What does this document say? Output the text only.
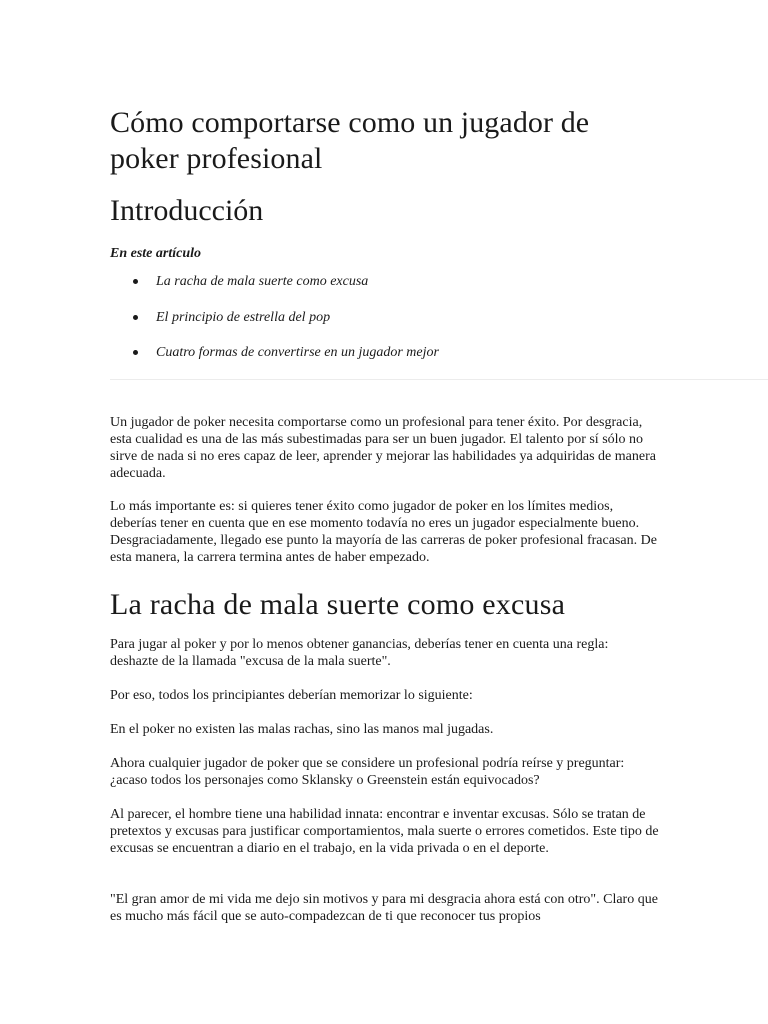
Cómo comportarse como un jugador de poker profesional
Introducción
En este artículo
La racha de mala suerte como excusa
El principio de estrella del pop
Cuatro formas de convertirse en un jugador mejor

Un jugador de poker necesita comportarse como un profesional para tener éxito. Por desgracia, esta cualidad es una de las más subestimadas para ser un buen jugador. El talento por sí sólo no sirve de nada si no eres capaz de leer, aprender y mejorar las habilidades ya adquiridas de manera adecuada.

Lo más importante es: si quieres tener éxito como jugador de poker en los límites medios, deberías tener en cuenta que en ese momento todavía no eres un jugador especialmente bueno. Desgraciadamente, llegado ese punto la mayoría de las carreras de poker profesional fracasan. De esta manera, la carrera termina antes de haber empezado.

La racha de mala suerte como excusa

Para jugar al poker y por lo menos obtener ganancias, deberías tener en cuenta una regla: deshazte de la llamada "excusa de la mala suerte".

Por eso, todos los principiantes deberían memorizar lo siguiente:

En el poker no existen las malas rachas, sino las manos mal jugadas.

Ahora cualquier jugador de poker que se considere un profesional podría reírse y preguntar: ¿acaso todos los personajes como Sklansky o Greenstein están equivocados?

Al parecer, el hombre tiene una habilidad innata: encontrar e inventar excusas. Sólo se tratan de pretextos y excusas para justificar comportamientos, mala suerte o errores cometidos. Este tipo de excusas se encuentran a diario en el trabajo, en la vida privada o en el deporte.

"El gran amor de mi vida me dejo sin motivos y para mi desgracia ahora está con otro". Claro que es mucho más fácil que se auto-compadezcan de ti que reconocer tus propios
